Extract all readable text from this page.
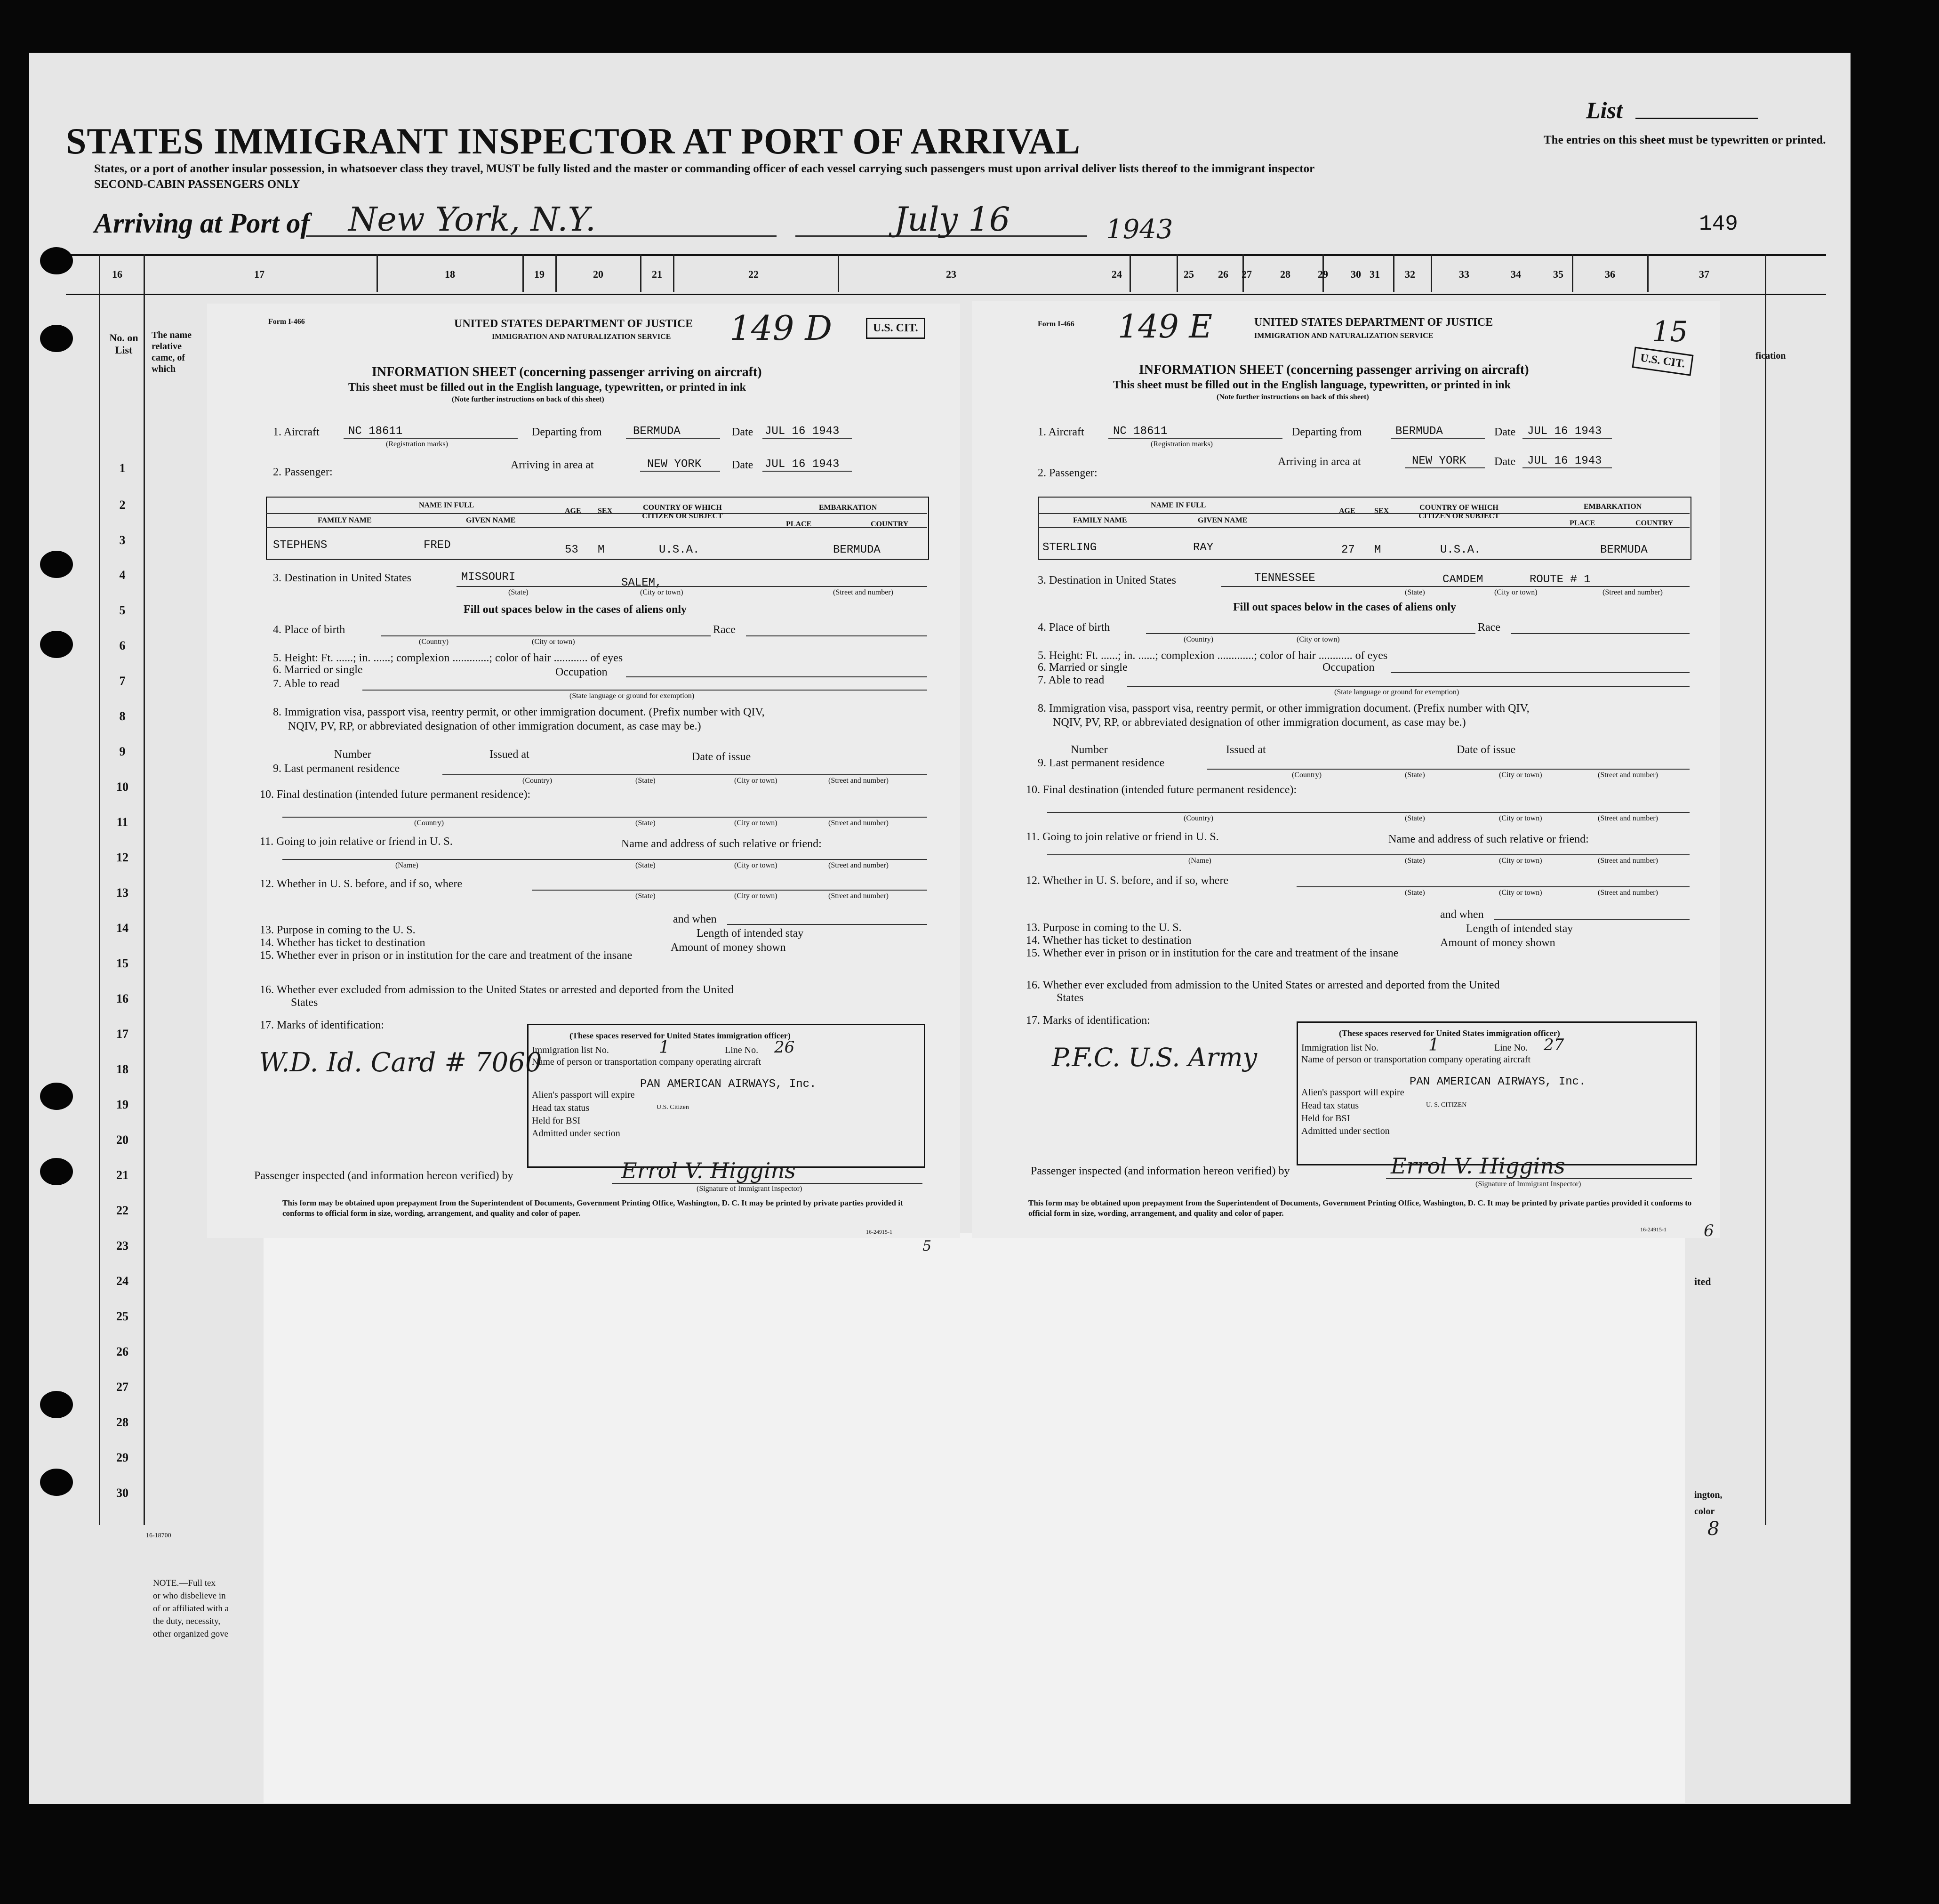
STATES IMMIGRANT INSPECTOR AT PORT OF ARRIVAL
States, or a port of another insular possession, in whatsoever class they travel, MUST be fully listed and the master or commanding officer of each vessel carrying such passengers must upon arrival deliver lists thereof to the immigrant inspector
SECOND-CABIN PASSENGERS ONLY
List
The entries on this sheet must be typewritten or printed.
Arriving at Port of New York, N.Y.	July 16	1943	149
16	17	18	19	20	21	22	23	24	25 26 27	28	29 30 31 32	33	34	35	36	37
No. on List
The name relative came, of which
fication
ited
ington,
color
16-18700
1
2
3
4
5
6
7
8
9
10
11
12
13
14
15
16
17
18
19
20
21
22
23
24
25
26
27
28
29
30
NOTE.—Full tex
or who disbelieve in
of or affiliated with a
the duty, necessity,
other organized gove
Form I-466	UNITED STATES DEPARTMENT OF JUSTICE
IMMIGRATION AND NATURALIZATION SERVICE 149 D	U.S. CIT.
INFORMATION SHEET (concerning passenger arriving on aircraft)
This sheet must be filled out in the English language, typewritten, or printed in ink
(Note further instructions on back of this sheet)
1. Aircraft	NC 18611
(Registration marks)
Departing from	BERMUDA	Date JUL 16 1943
Arriving in area at	NEW YORK	Date JUL 16 1943
2. Passenger:
NAME IN FULL
FAMILY NAME	GIVEN NAME
AGE SEX	COUNTRY OF WHICH CITIZEN OR SUBJECT
EMBARKATION
PLACE	COUNTRY
STEPHENS	FRED	53 M	U.S.A.	BERMUDA
3. Destination in United States	MISSOURI	SALEM,
(State)	(City or town)	(Street and number)
Fill out spaces below in the cases of aliens only
4. Place of birth	Race
(Country)	(City or town)
5. Height: Ft. ......; in. ......; complexion .............; color of hair ............ of eyes
6. Married or single	Occupation
7. Able to read
(State language or ground for exemption)
8. Immigration visa, passport visa, reentry permit, or other immigration document. (Prefix number with QIV,
NQIV, PV, RP, or abbreviated designation of other immigration document, as case may be.)
Number	Issued at	Date of issue
9. Last permanent residence
(Country)	(State)	(City or town)	(Street and number)
10. Final destination (intended future permanent residence):
(Country)	(State)	(City or town)	(Street and number)
11. Going to join relative or friend in U. S.	Name and address of such relative or friend:
(Name)	(State)	(City or town)	(Street and number)
12. Whether in U. S. before, and if so, where
(State)	(City or town)	(Street and number)
and when
13. Purpose in coming to the U. S.	Length of intended stay
14. Whether has ticket to destination	Amount of money shown
15. Whether ever in prison or in institution for the care and treatment of the insane
16. Whether ever excluded from admission to the United States or arrested and deported from the United
States
17. Marks of identification:
W.D. Id. Card # 7060
(These spaces reserved for United States immigration officer)
Immigration list No.	1	Line No. 26
Name of person or transportation company operating aircraft
Alien's passport will expire
PAN AMERICAN AIRWAYS, Inc.
Head tax status	U.S. Citizen
Held for BSI
Admitted under section
Passenger inspected (and information hereon verified) by	Errol V. Higgins
(Signature of Immigrant Inspector)
This form may be obtained upon prepayment from the Superintendent of Documents, Government Printing Office, Washington, D. C. It may be printed by private parties provided it conforms to official form in size, wording, arrangement, and quality and color of paper.
16-24915-1
5
Form I-466	UNITED STATES DEPARTMENT OF JUSTICE
IMMIGRATION AND NATURALIZATION SERVICE
149 E	15
U.S. CIT.
INFORMATION SHEET (concerning passenger arriving on aircraft)
This sheet must be filled out in the English language, typewritten, or printed in ink
(Note further instructions on back of this sheet)
1. Aircraft	NC 18611
(Registration marks)
Departing from	BERMUDA	Date JUL 16 1943
Arriving in area at	NEW YORK Date JUL 16 1943
2. Passenger:
NAME IN FULL
FAMILY NAME	GIVEN NAME
AGE	SEX	COUNTRY OF WHICH CITIZEN OR SUBJECT
EMBARKATION
PLACE	COUNTRY
STERLING	RAY	27 M	U.S.A.	BERMUDA
3. Destination in United States	TENNESSEE	CAMDEM	ROUTE # 1
(State)	(City or town)	(Street and number)
Fill out spaces below in the cases of aliens only
4. Place of birth	Race
(Country)	(City or town)
5. Height: Ft. ......; in. ......; complexion .............; color of hair ............ of eyes
6. Married or single	Occupation
7. Able to read
(State language or ground for exemption)
8. Immigration visa, passport visa, reentry permit, or other immigration document. (Prefix number with QIV,
NQIV, PV, RP, or abbreviated designation of other immigration document, as case may be.)
Number	Issued at	Date of issue
9. Last permanent residence
(Country)	(State)	(City or town)	(Street and number)
10. Final destination (intended future permanent residence):
(Country)	(State)	(City or town)	(Street and number)
11. Going to join relative or friend in U. S.	Name and address of such relative or friend:
(Name)	(State)	(City or town)	(Street and number)
12. Whether in U. S. before, and if so, where
(State)	(City or town)	(Street and number)
and when
13. Purpose in coming to the U. S.	Length of intended stay
14. Whether has ticket to destination	Amount of money shown
15. Whether ever in prison or in institution for the care and treatment of the insane
16. Whether ever excluded from admission to the United States or arrested and deported from the United
States
17. Marks of identification:
P.F.C. U.S. Army
(These spaces reserved for United States immigration officer)
Immigration list No.	1	Line No. 27
Name of person or transportation company operating aircraft
Alien's passport will expire
PAN AMERICAN AIRWAYS, Inc.
Head tax status	U. S. CITIZEN
Held for BSI
Admitted under section
Passenger inspected (and information hereon verified) by	Errol V. Higgins
(Signature of Immigrant Inspector)
This form may be obtained upon prepayment from the Superintendent of Documents, Government Printing Office, Washington, D. C. It may be printed by private parties provided it conforms to official form in size, wording, arrangement, and quality and color of paper.
16-24915-1 6
8
